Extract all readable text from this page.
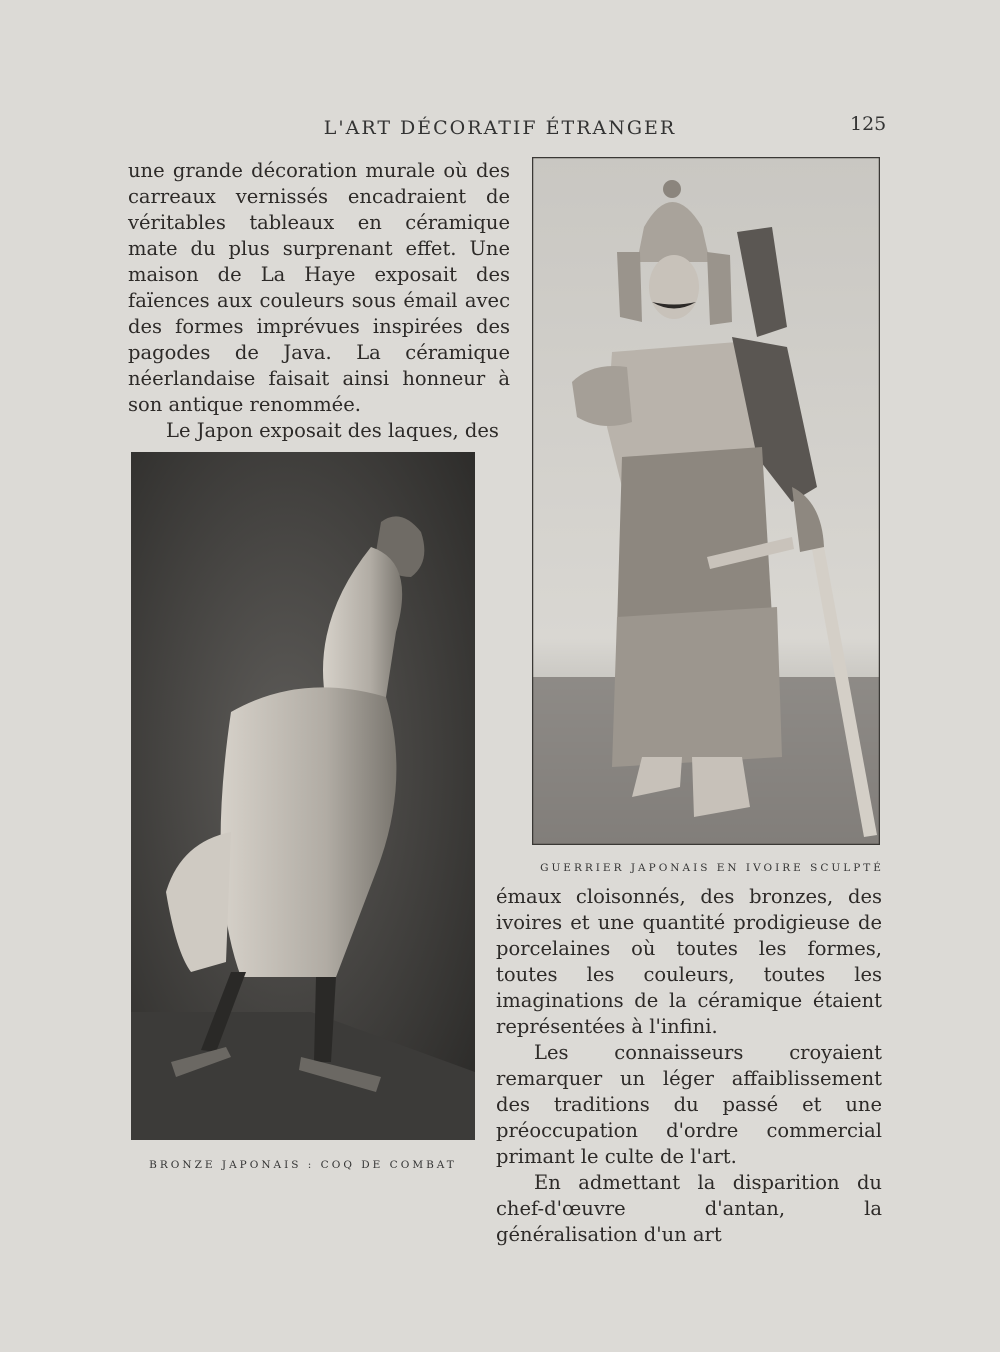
L'ART DÉCORATIF ÉTRANGER	125

une grande décoration murale où des carreaux vernissés encadraient de véritables tableaux en céramique mate du plus surprenant effet. Une maison de La Haye exposait des faïences aux couleurs sous émail avec des formes imprévues inspirées des pagodes de Java. La céramique néerlandaise faisait ainsi honneur à son antique renommée.

Le Japon exposait des laques, des

GUERRIER JAPONAIS EN IVOIRE SCULPTÉ
BRONZE JAPONAIS : COQ DE COMBAT

émaux cloisonnés, des bronzes, des ivoires et une quantité prodigieuse de porcelaines où toutes les formes, toutes les couleurs, toutes les imaginations de la céramique étaient représentées à l'infini.

Les connaisseurs croyaient remarquer un léger affaiblissement des traditions du passé et une préoccupation d'ordre commercial primant le culte de l'art.

En admettant la disparition du chef-d'œuvre d'antan, la généralisation d'un art
